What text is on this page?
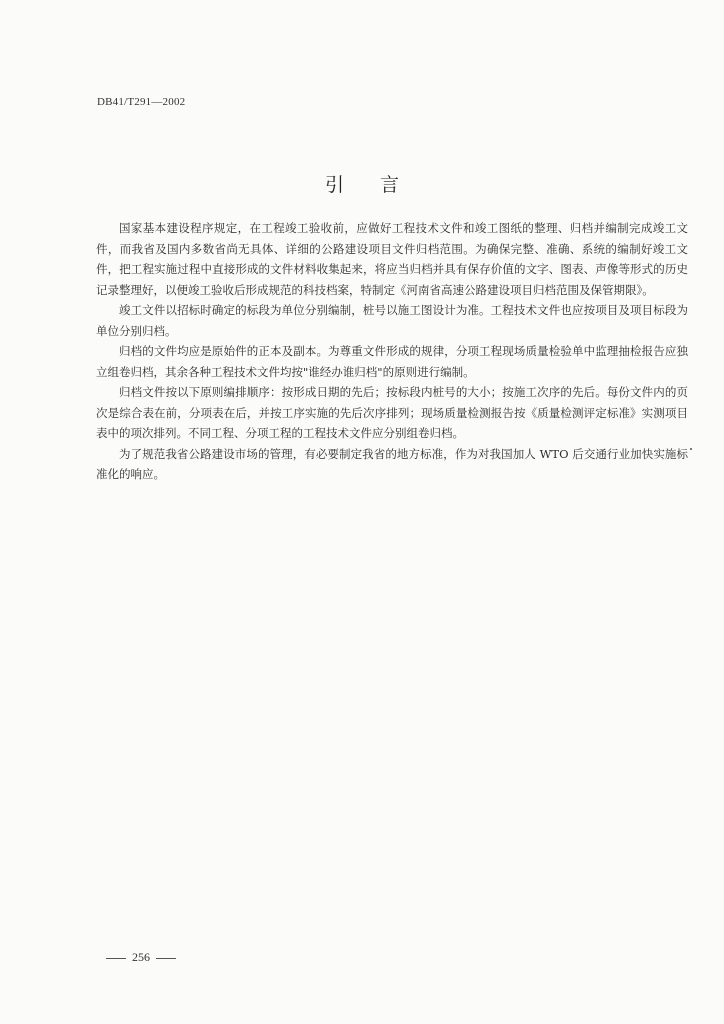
DB41/T291—2002
引 言

国家基本建设程序规定，在工程竣工验收前，应做好工程技术文件和竣工图纸的整理、归档并编制完成竣工文件，而我省及国内多数省尚无具体、详细的公路建设项目文件归档范围。为确保完整、准确、系统的编制好竣工文件，把工程实施过程中直接形成的文件材料收集起来，将应当归档并具有保存价值的文字、图表、声像等形式的历史记录整理好，以便竣工验收后形成规范的科技档案，特制定《河南省高速公路建设项目归档范围及保管期限》。

竣工文件以招标时确定的标段为单位分别编制，桩号以施工图设计为准。工程技术文件也应按项目及项目标段为单位分别归档。

归档的文件均应是原始件的正本及副本。为尊重文件形成的规律，分项工程现场质量检验单中监理抽检报告应独立组卷归档，其余各种工程技术文件均按"谁经办谁归档"的原则进行编制。

归档文件按以下原则编排顺序：按形成日期的先后；按标段内桩号的大小；按施工次序的先后。每份文件内的页次是综合表在前，分项表在后，并按工序实施的先后次序排列；现场质量检测报告按《质量检测评定标准》实测项目表中的项次排列。不同工程、分项工程的工程技术文件应分别组卷归档。

为了规范我省公路建设市场的管理，有必要制定我省的地方标准，作为对我国加人 WTO 后交通行业加快实施标准化的响应。

256
